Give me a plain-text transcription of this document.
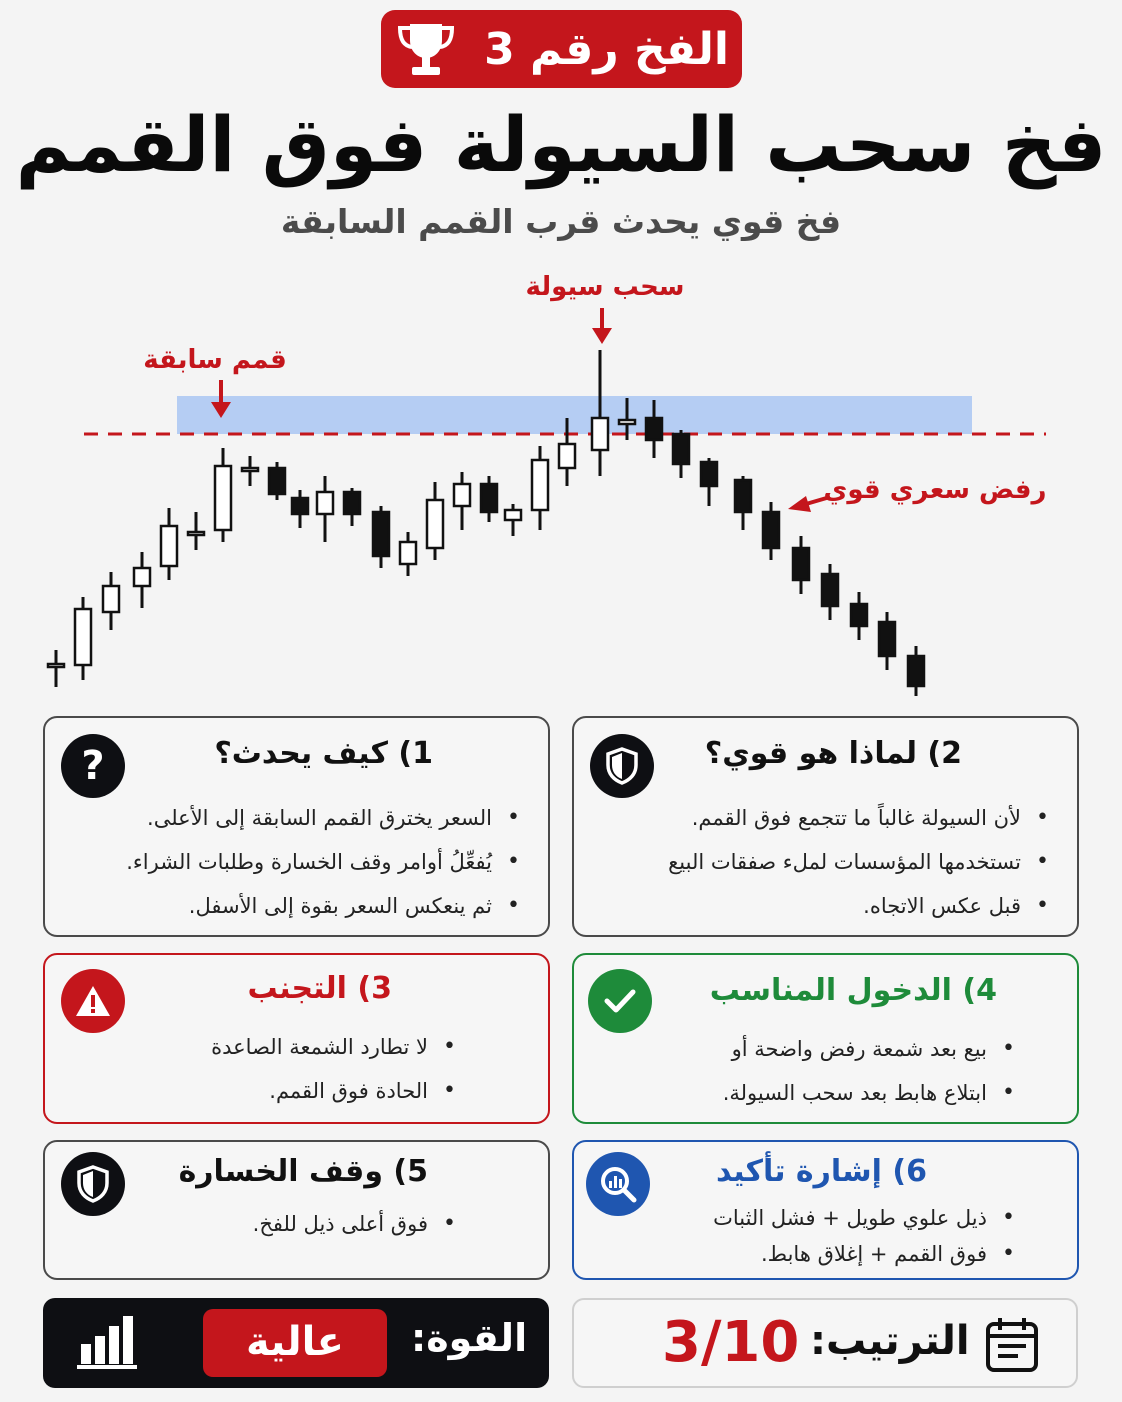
الفخ رقم 3
فخ سحب السيولة فوق القمم
فخ قوي يحدث قرب القمم السابقة
سحب سيولة
قمم سابقة
رفض سعري قوي
?	1) كيف يحدث؟
• السعر يخترق القمم السابقة إلى الأعلى.
• يُفعِّلُ أوامر وقف الخسارة وطلبات الشراء.
• ثم ينعكس السعر بقوة إلى الأسفل.
2) لماذا هو قوي؟
• لأن السيولة غالباً ما تتجمع فوق القمم.
• تستخدمها المؤسسات لملء صفقات البيع
• قبل عكس الاتجاه.
3) التجنب
• لا تطارد الشمعة الصاعدة
• الحادة فوق القمم.
4) الدخول المناسب
• بيع بعد شمعة رفض واضحة أو
• ابتلاع هابط بعد سحب السيولة.
5) وقف الخسارة
• فوق أعلى ذيل للفخ.
6) إشارة تأكيد
• ذيل علوي طويل + فشل الثبات
• فوق القمم + إغلاق هابط.
عالية	القوة:	الترتيب:
3/10
